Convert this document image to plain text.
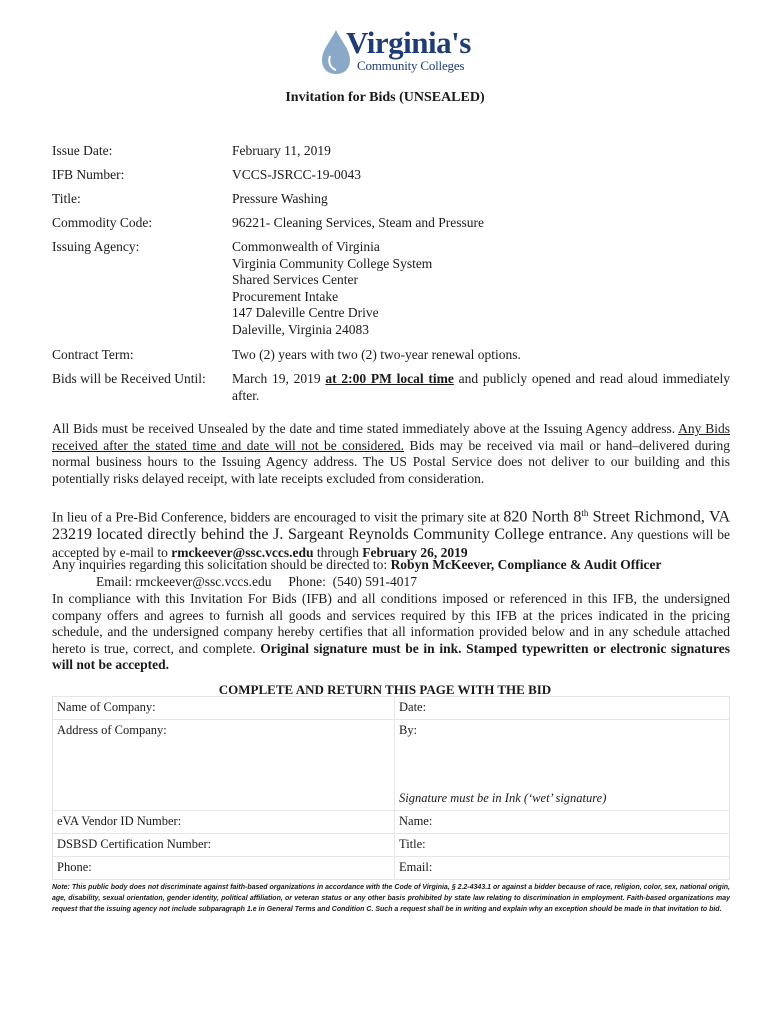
Virginia's
Community Colleges
Invitation for Bids (UNSEALED)
Issue Date:	February 11, 2019
IFB Number:	VCCS-JSRCC-19-0043
Title:	Pressure Washing
Commodity Code:	96221- Cleaning Services, Steam and Pressure
Issuing Agency:	Commonwealth of Virginia
Virginia Community College System
Shared Services Center
Procurement Intake
147 Daleville Centre Drive
Daleville, Virginia 24083
Contract Term:	Two (2) years with two (2) two-year renewal options.
Bids will be Received Until: March 19, 2019 at 2:00 PM local time and publicly opened and read aloud immediately after.
All Bids must be received Unsealed by the date and time stated immediately above at the Issuing Agency address. Any Bids received after the stated time and date will not be considered. Bids may be received via mail or hand–delivered during normal business hours to the Issuing Agency address. The US Postal Service does not deliver to our building and this potentially risks delayed receipt, with late receipts excluded from consideration.
In lieu of a Pre-Bid Conference, bidders are encouraged to visit the primary site at 820 North 8th Street Richmond, VA 23219 located directly behind the J. Sargeant Reynolds Community College entrance. Any questions will be accepted by e-mail to rmckeever@ssc.vccs.edu through February 26, 2019
Any inquiries regarding this solicitation should be directed to: Robyn McKeever, Compliance & Audit Officer
Email: rmckeever@ssc.vccs.edu     Phone:  (540) 591-4017
In compliance with this Invitation For Bids (IFB) and all conditions imposed or referenced in this IFB, the undersigned company offers and agrees to furnish all goods and services required by this IFB at the prices indicated in the pricing schedule, and the undersigned company hereby certifies that all information provided below and in any schedule attached hereto is true, correct, and complete. Original signature must be in ink. Stamped typewritten or electronic signatures will not be accepted.
COMPLETE AND RETURN THIS PAGE WITH THE BID
Name of Company:	Date:
Address of Company:	By:
Signature must be in Ink (‘wet’ signature)

eVA Vendor ID Number:	Name:
DSBSD Certification Number:	Title:
Phone:	Email:
Note: This public body does not discriminate against faith-based organizations in accordance with the Code of Virginia, § 2.2-4343.1 or against a bidder because of race, religion, color, sex, national origin, age, disability, sexual orientation, gender identity, political affiliation, or veteran status or any other basis prohibited by state law relating to discrimination in employment. Faith-based organizations may request that the issuing agency not include subparagraph 1.e in General Terms and Condition C. Such a request shall be in writing and explain why an exception should be made in that invitation to bid.
